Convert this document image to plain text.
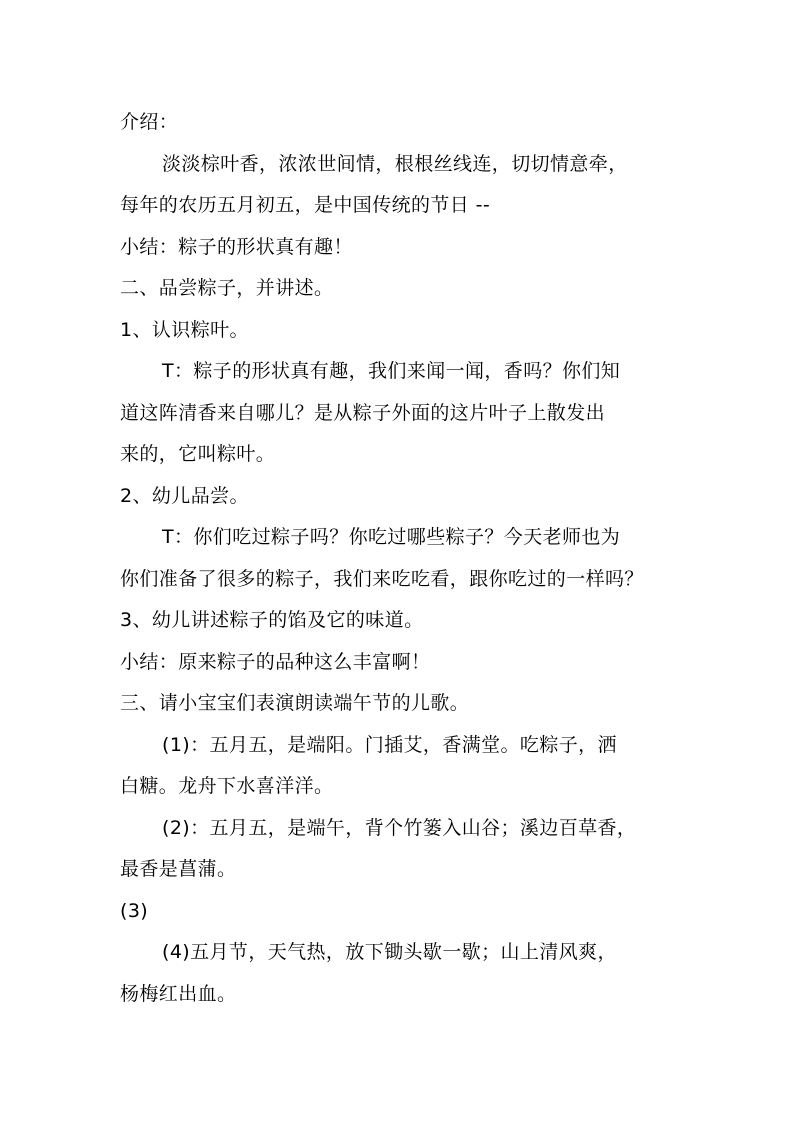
介绍：
淡淡棕叶香，浓浓世间情，根根丝线连，切切情意牵，
每年的农历五月初五，是中国传统的节日 --
小结：粽子的形状真有趣！
二、品尝粽子，并讲述。
1、认识粽叶。
T：粽子的形状真有趣，我们来闻一闻，香吗？你们知
道这阵清香来自哪儿？是从粽子外面的这片叶子上散发出
来的，它叫粽叶。
2、幼儿品尝。
T：你们吃过粽子吗？你吃过哪些粽子？今天老师也为
你们准备了很多的粽子，我们来吃吃看，跟你吃过的一样吗？
3、幼儿讲述粽子的馅及它的味道。
小结：原来粽子的品种这么丰富啊！
三、请小宝宝们表演朗读端午节的儿歌。
(1)：五月五，是端阳。门插艾，香满堂。吃粽子，洒
白糖。龙舟下水喜洋洋。
(2)：五月五，是端午，背个竹篓入山谷；溪边百草香，
最香是菖蒲。
(3)
(4)五月节，天气热，放下锄头歇一歇；山上清风爽，
杨梅红出血。
